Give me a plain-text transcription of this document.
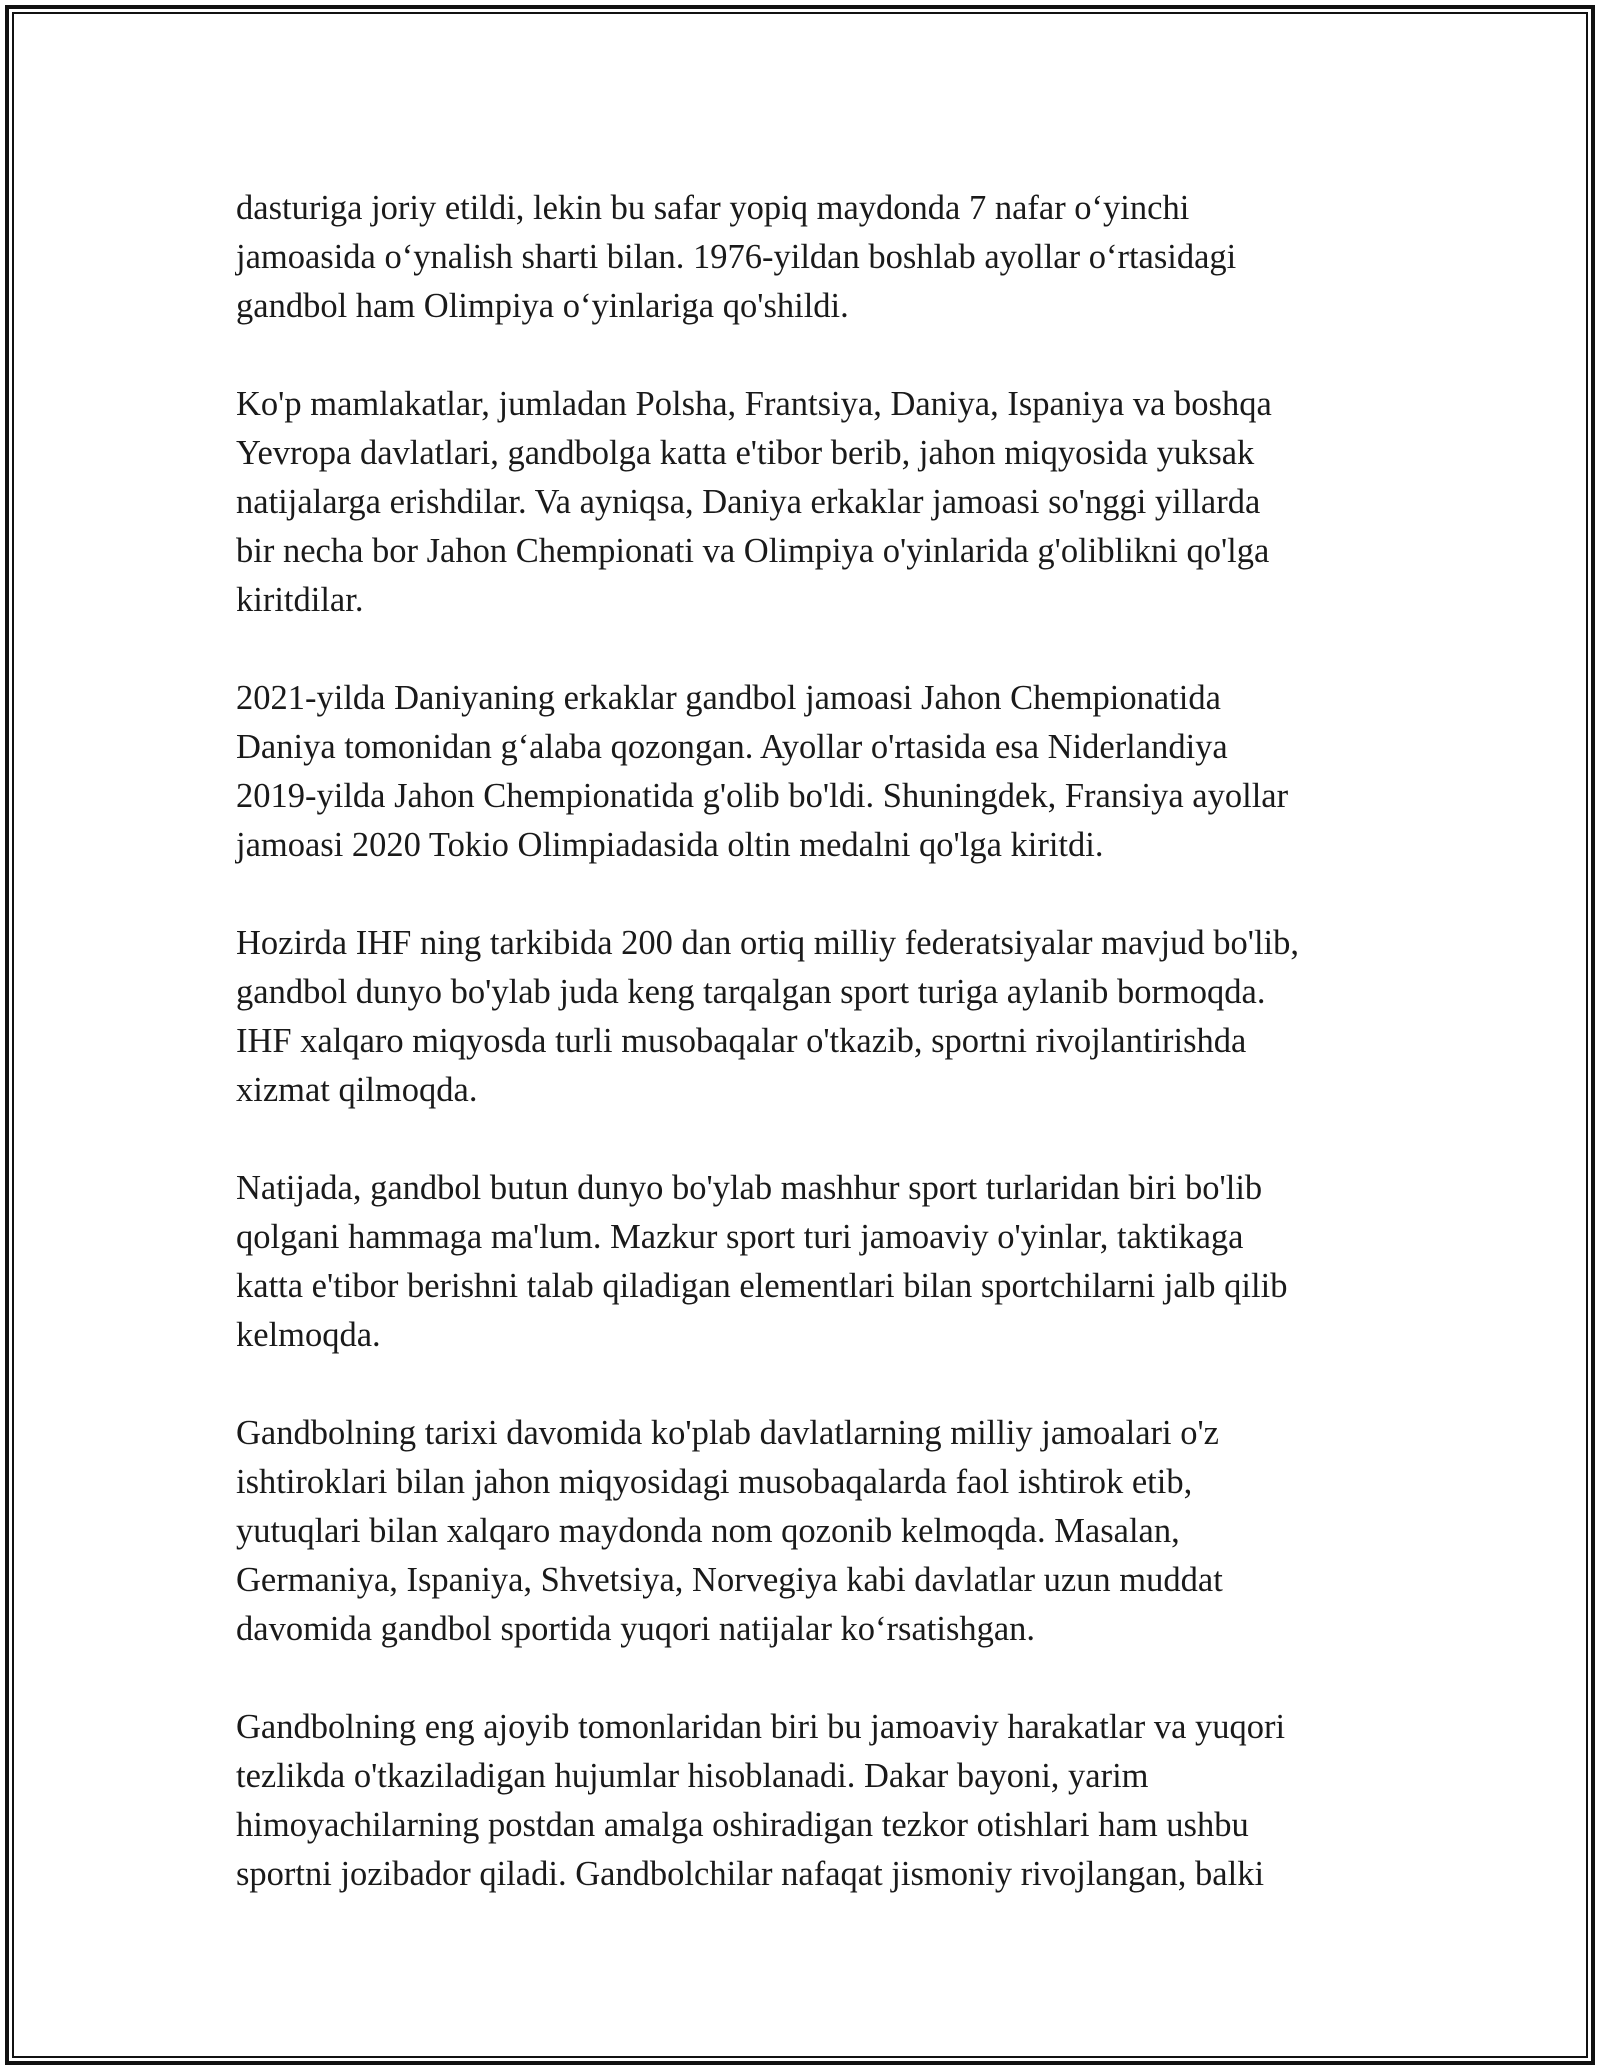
dasturiga joriy etildi, lekin bu safar yopiq maydonda 7 nafar o‘yinchi
jamoasida o‘ynalish sharti bilan. 1976-yildan boshlab ayollar o‘rtasidagi
gandbol ham Olimpiya o‘yinlariga qo'shildi.

Ko'p mamlakatlar, jumladan Polsha, Frantsiya, Daniya, Ispaniya va boshqa
Yevropa davlatlari, gandbolga katta e'tibor berib, jahon miqyosida yuksak
natijalarga erishdilar. Va ayniqsa, Daniya erkaklar jamoasi so'nggi yillarda
bir necha bor Jahon Chempionati va Olimpiya o'yinlarida g'oliblikni qo'lga
kiritdilar.

2021-yilda Daniyaning erkaklar gandbol jamoasi Jahon Chempionatida
Daniya tomonidan g‘alaba qozongan. Ayollar o'rtasida esa Niderlandiya
2019-yilda Jahon Chempionatida g'olib bo'ldi. Shuningdek, Fransiya ayollar
jamoasi 2020 Tokio Olimpiadasida oltin medalni qo'lga kiritdi.

Hozirda IHF ning tarkibida 200 dan ortiq milliy federatsiyalar mavjud bo'lib,
gandbol dunyo bo'ylab juda keng tarqalgan sport turiga aylanib bormoqda.
IHF xalqaro miqyosda turli musobaqalar o'tkazib, sportni rivojlantirishda
xizmat qilmoqda.

Natijada, gandbol butun dunyo bo'ylab mashhur sport turlaridan biri bo'lib
qolgani hammaga ma'lum. Mazkur sport turi jamoaviy o'yinlar, taktikaga
katta e'tibor berishni talab qiladigan elementlari bilan sportchilarni jalb qilib
kelmoqda.

Gandbolning tarixi davomida ko'plab davlatlarning milliy jamoalari o'z
ishtiroklari bilan jahon miqyosidagi musobaqalarda faol ishtirok etib,
yutuqlari bilan xalqaro maydonda nom qozonib kelmoqda. Masalan,
Germaniya, Ispaniya, Shvetsiya, Norvegiya kabi davlatlar uzun muddat
davomida gandbol sportida yuqori natijalar ko‘rsatishgan.

Gandbolning eng ajoyib tomonlaridan biri bu jamoaviy harakatlar va yuqori
tezlikda o'tkaziladigan hujumlar hisoblanadi. Dakar bayoni, yarim
himoyachilarning postdan amalga oshiradigan tezkor otishlari ham ushbu
sportni jozibador qiladi. Gandbolchilar nafaqat jismoniy rivojlangan, balki
